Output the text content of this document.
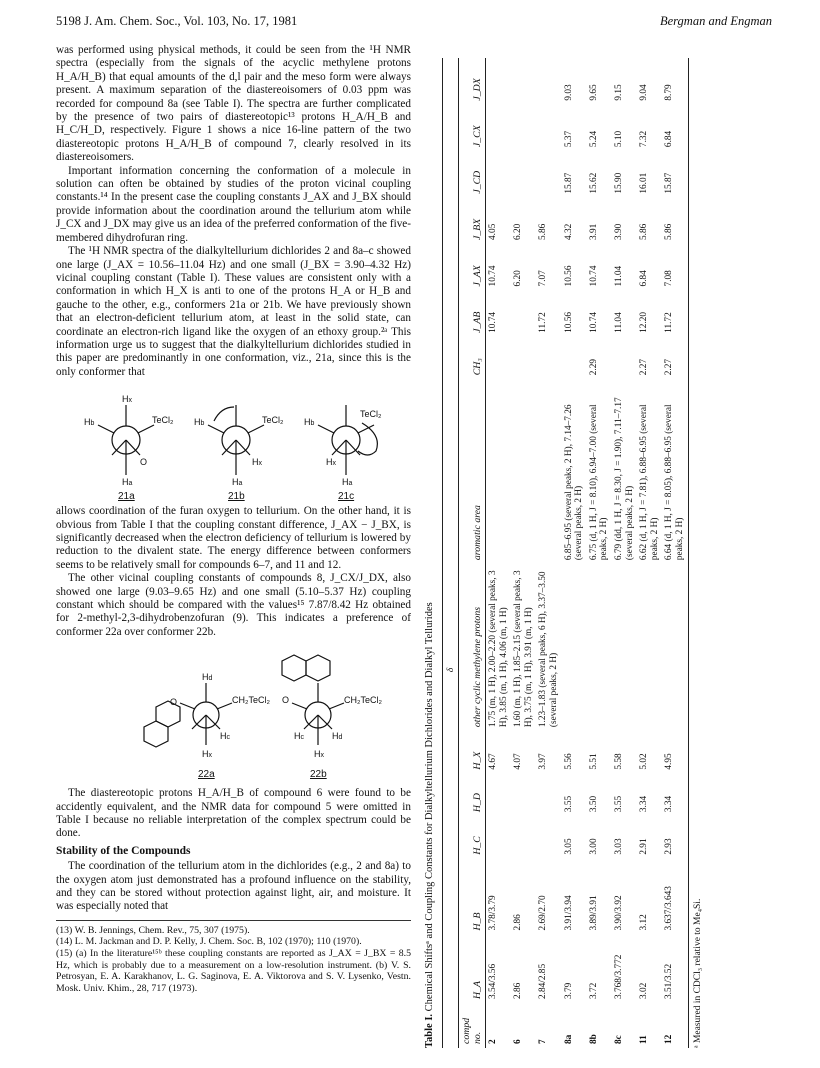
5198 J. Am. Chem. Soc., Vol. 103, No. 17, 1981	Bergman and Engman

was performed using physical methods, it could be seen from the ¹H NMR spectra (especially from the signals of the acyclic methylene protons H_A/H_B) that equal amounts of the d,l pair and the meso form were always present. A maximum separation of the diastereoisomers of 0.03 ppm was recorded for compound 8a (see Table I). The spectra are further complicated by the presence of two pairs of diastereotopic¹³ protons H_A/H_B and H_C/H_D, respectively. Figure 1 shows a nice 16-line pattern of the two diastereotopic protons H_A/H_B of compound 7, clearly resolved in its diastereoisomers.

Important information concerning the conformation of a molecule in solution can often be obtained by studies of the proton vicinal coupling constants.¹⁴ In the present case the coupling constants J_AX and J_BX should provide information about the coordination around the tellurium atom while J_CX and J_DX may give us an idea of the preferred conformation of the five-membered dihydrofuran ring.

The ¹H NMR spectra of the dialkyltellurium dichlorides 2 and 8a–c showed one large (J_AX = 10.56–11.04 Hz) and one small (J_BX = 3.90–4.32 Hz) vicinal coupling constant (Table I). These values are consistent only with a conformation in which H_X is anti to one of the protons H_A or H_B and gauche to the other, e.g., conformers 21a or 21b. We have previously shown that an electron-deficient tellurium atom, at least in the solid state, can coordinate an electron-rich ligand like the oxygen of an ethoxy group.²ᵃ This information urge us to suggest that the dialkyltellurium dichlorides studied in this paper are predominantly in one conformation, viz., 21a, since this is the only conformer that

Hx
Hb	TeCl₂
O
Ha
Hb	TeCl₂
Ha
Hx
Hb
TeCl₂
Hx
Ha
21a	21b	21c

allows coordination of the furan oxygen to tellurium. On the other hand, it is obvious from Table I that the coupling constant difference, J_AX − J_BX, is significantly decreased when the electron deficiency of tellurium is lowered by reduction to the divalent state. The energy difference between conformers seems to be relatively small for compounds 6–7, and 11 and 12.

The other vicinal coupling constants of compounds 8, J_CX/J_DX, also showed one large (9.03–9.65 Hz) and one small (5.10–5.37 Hz) coupling constant which should be compared with the values¹⁵ 7.87/8.42 Hz obtained for 2-methyl-2,3-dihydrobenzofuran (9). This indicates a preference of conformer 22a over conformer 22b.

Hd
O	CH₂TeCl₂
Hx
Hc
O	CH₂TeCl₂
Hc
Hx
Hd
22a	22b

The diastereotopic protons H_A/H_B of compound 6 were found to be accidently equivalent, and the NMR data for compound 5 were omitted in Table I because no reliable interpretation of the complex spectrum could be done.

Stability of the Compounds

The coordination of the tellurium atom in the dichlorides (e.g., 2 and 8a) to the oxygen atom just demonstrated has a profound influence on the stability, and they can be stored without protection against light, air, and moisture. It was especially noted that

(13) W. B. Jennings, Chem. Rev., 75, 307 (1975).
(14) L. M. Jackman and D. P. Kelly, J. Chem. Soc. B, 102 (1970); 110 (1970).
(15) (a) In the literature¹⁵ᵇ these coupling constants are reported as J_AX = J_BX = 8.5 Hz, which is probably due to a measurement on a low-resolution instrument. (b) V. S. Petrosyan, E. A. Karakhanov, L. G. Saginova, E. A. Viktorova and S. V. Lysenko, Vestn. Mosk. Univ. Khim., 28, 717 (1973).
Table I. Chemical Shiftsᵃ and Coupling Constants for Dialkyltellurium Dichlorides and Dialkyl Tellurides
		δ													
compd no.	H_A	H_B	H_C	H_D	H_X	other cyclic methylene protons	aromatic area	CH₃	J_AB	J_AX	J_BX	J_CD	J_CX	J_DX
2	3.54/3.56	3.78/3.79			4.67	1.75 (m, 1 H), 2.00–2.20 (several peaks, 3 H), 3.85 (m, 1 H), 4.06 (m, 1 H)			10.74	10.74	4.05			
6	2.86	2.86			4.07	1.60 (m, 1 H), 1.85–2.15 (several peaks, 3 H), 3.75 (m, 1 H), 3.91 (m, 1 H)				6.20	6.20			
7	2.84/2.85	2.69/2.70			3.97	1.23–1.83 (several peaks, 6 H), 3.37–3.50 (several peaks, 2 H)			11.72	7.07	5.86			
8a	3.79	3.91/3.94	3.05	3.55	5.56		6.85–6.95 (several peaks, 2 H), 7.14–7.26 (several peaks, 2 H)		10.56	10.56	4.32	15.87	5.37	9.03
8b	3.72	3.89/3.91	3.00	3.50	5.51		6.75 (d, 1 H, J = 8.10), 6.94–7.00 (several peaks, 2 H)	2.29	10.74	10.74	3.91	15.62	5.24	9.65
8c	3.768/3.772	3.90/3.92	3.03	3.55	5.58		6.79 (dd, 1 H, J = 8.30, J = 1.90), 7.11–7.17 (several peaks, 2 H)		11.04	11.04	3.90	15.90	5.10	9.15
11	3.02	3.12	2.91	3.34	5.02		6.62 (d, 1 H, J = 7.81), 6.88–6.95 (several peaks, 2 H)	2.27	12.20	6.84	5.86	16.01	7.32	9.04
12	3.51/3.52	3.637/3.643	2.93	3.34	4.95		6.64 (d, 1 H, J = 8.05), 6.88–6.95 (several peaks, 2 H)	2.27	11.72	7.08	5.86	15.87	6.84	8.79
ᵃ Measured in CDCl₃ relative to Me₄Si.
